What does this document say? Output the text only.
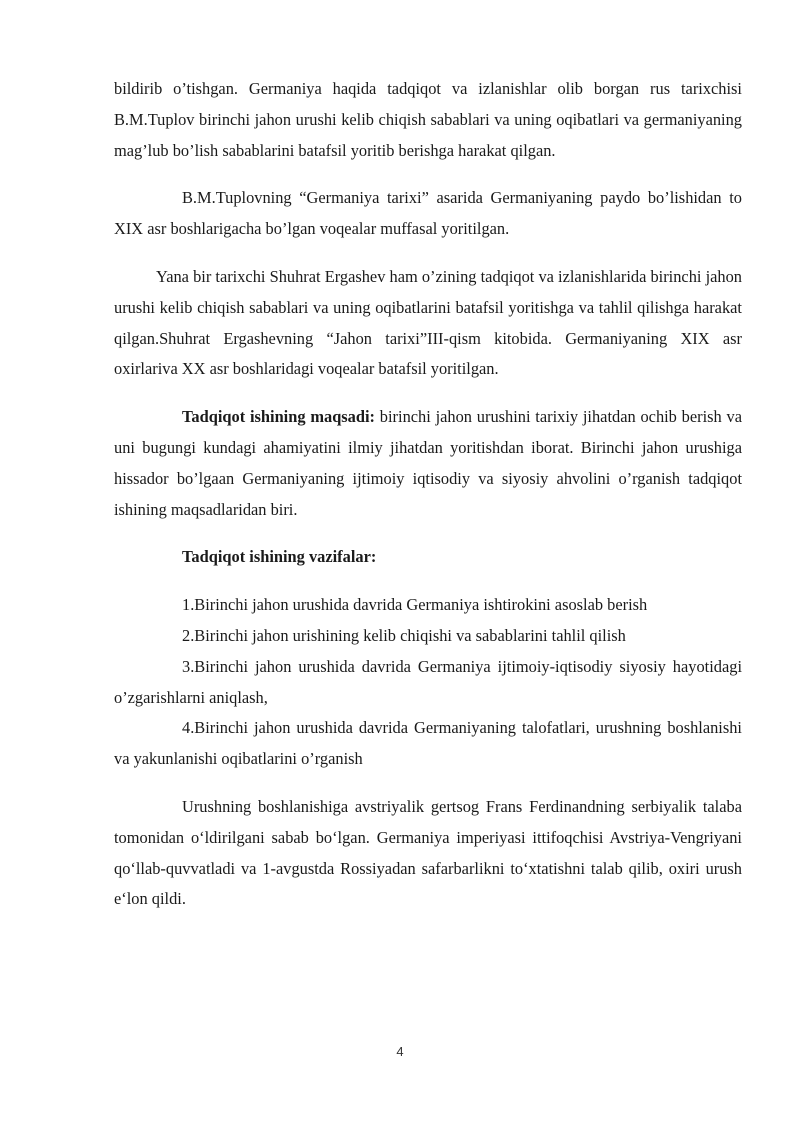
bildirib o’tishgan. Germaniya haqida tadqiqot va izlanishlar olib borgan rus tarixchisi B.M.Tuplov birinchi jahon urushi kelib chiqish sabablari va uning oqibatlari va germaniyaning mag’lub bo’lish sabablarini batafsil yoritib berishga harakat qilgan.

B.M.Tuplovning “Germaniya tarixi” asarida Germaniyaning paydo bo’lishidan to XIX asr boshlarigacha bo’lgan voqealar muffasal yoritilgan.

Yana bir tarixchi Shuhrat Ergashev ham o’zining tadqiqot va izlanishlarida birinchi jahon urushi kelib chiqish sabablari va uning oqibatlarini batafsil yoritishga va tahlil qilishga harakat qilgan.Shuhrat Ergashevning “Jahon tarixi”III-qism kitobida. Germaniyaning XIX asr oxirlariva XX asr boshlaridagi voqealar batafsil yoritilgan.

Tadqiqot ishining maqsadi: birinchi jahon urushini tarixiy jihatdan ochib berish va uni bugungi kundagi ahamiyatini ilmiy jihatdan yoritishdan iborat. Birinchi jahon urushiga hissador bo’lgaan Germaniyaning ijtimoiy iqtisodiy va siyosiy ahvolini o’rganish tadqiqot ishining maqsadlaridan biri.

Tadqiqot ishining vazifalar:

1.Birinchi jahon urushida davrida Germaniya ishtirokini asoslab berish

2.Birinchi jahon urishining kelib chiqishi va sabablarini tahlil qilish

3.Birinchi jahon urushida davrida Germaniya ijtimoiy-iqtisodiy siyosiy hayotidagi o’zgarishlarni aniqlash,

4.Birinchi jahon urushida davrida Germaniyaning talofatlari, urushning boshlanishi va yakunlanishi oqibatlarini o’rganish

Urushning boshlanishiga avstriyalik gertsog Frans Ferdinandning serbiyalik talaba tomonidan o‘ldirilgani sabab bo‘lgan. Germaniya imperiyasi ittifoqchisi Avstriya-Vengriyani qo‘llab-quvvatladi va 1-avgustda Rossiyadan safarbarlikni to‘xtatishni talab qilib, oxiri urush e‘lon qildi.

4
